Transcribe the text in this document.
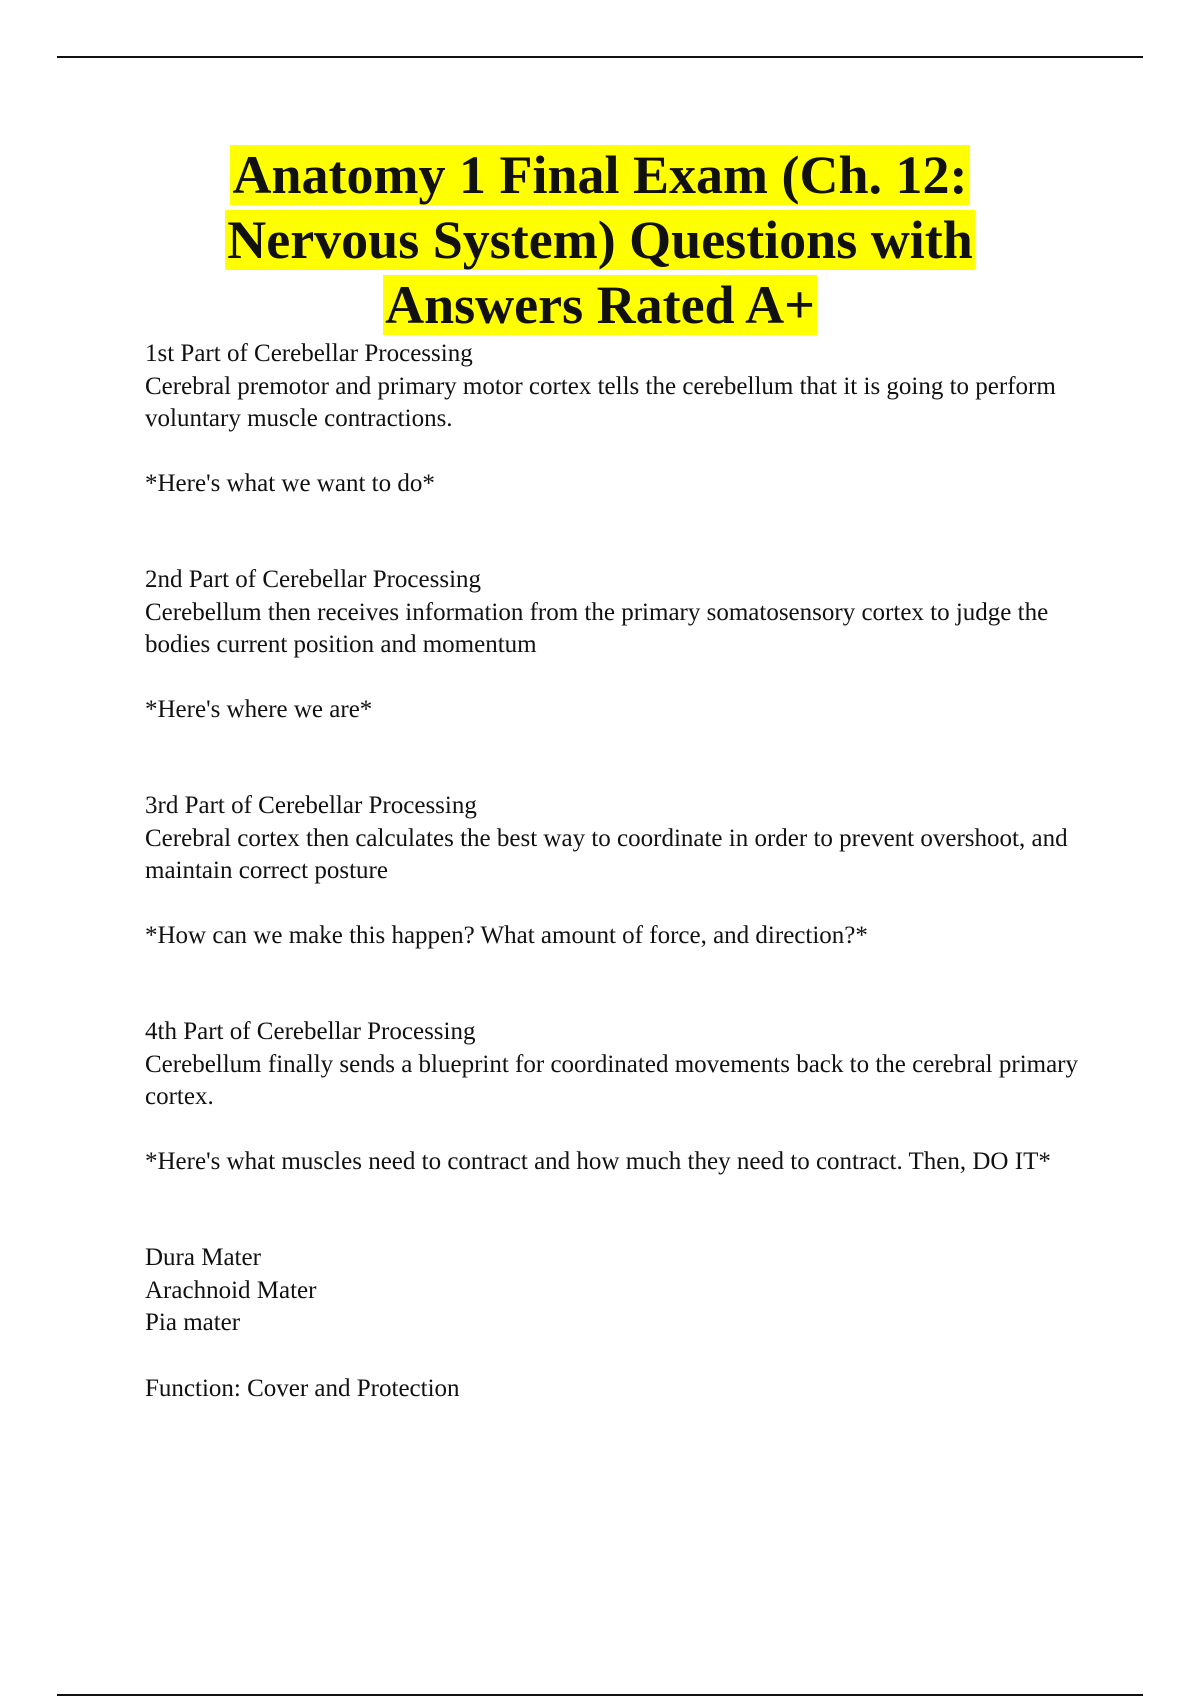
Anatomy 1 Final Exam (Ch. 12:
Nervous System) Questions with
Answers Rated A+
1st Part of Cerebellar Processing
Cerebral premotor and primary motor cortex tells the cerebellum that it is going to perform voluntary muscle contractions.
*Here's what we want to do*
2nd Part of Cerebellar Processing
Cerebellum then receives information from the primary somatosensory cortex to judge the bodies current position and momentum
*Here's where we are*
3rd Part of Cerebellar Processing
Cerebral cortex then calculates the best way to coordinate in order to prevent overshoot, and maintain correct posture
*How can we make this happen? What amount of force, and direction?*
4th Part of Cerebellar Processing
Cerebellum finally sends a blueprint for coordinated movements back to the cerebral primary cortex.
*Here's what muscles need to contract and how much they need to contract. Then, DO IT*
Dura Mater
Arachnoid Mater
Pia mater
Function: Cover and Protection
